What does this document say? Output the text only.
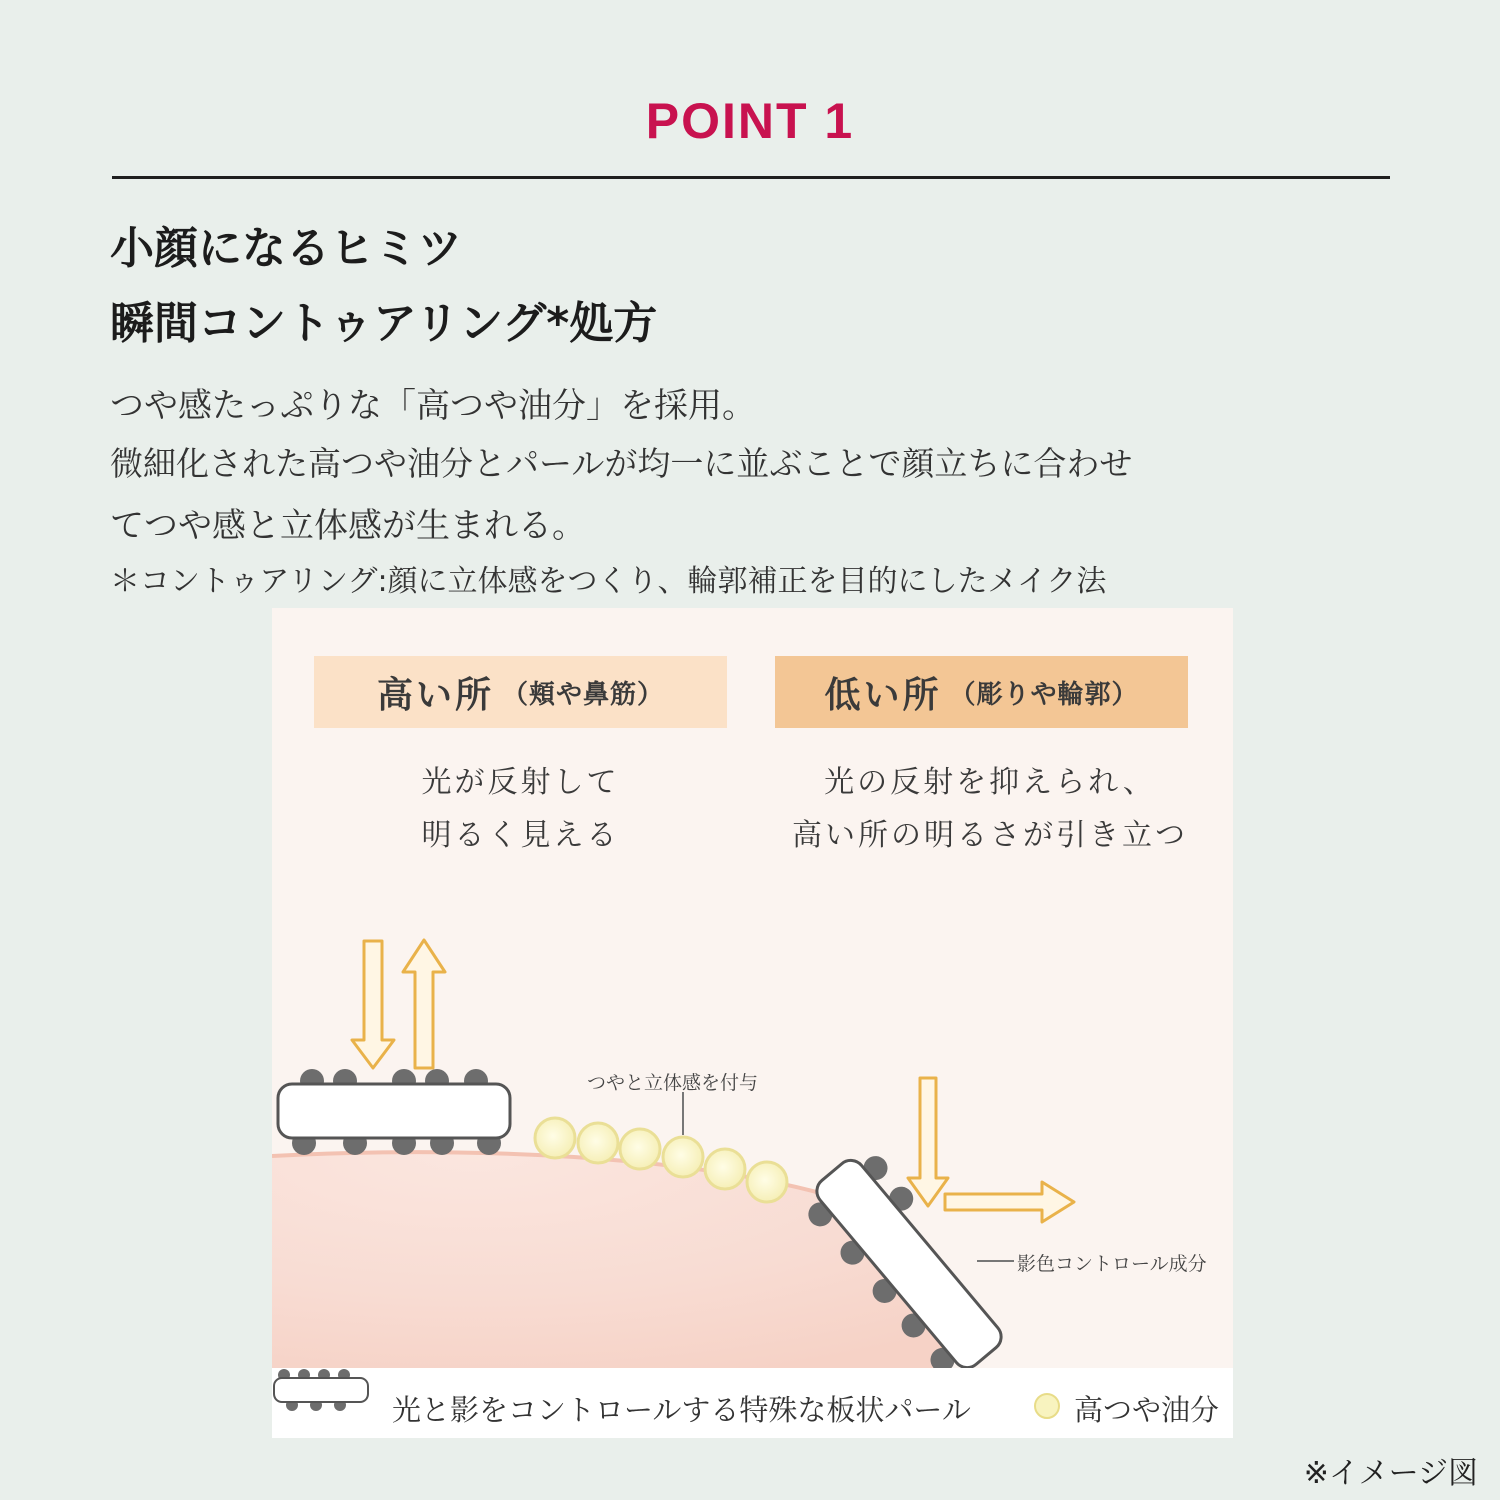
POINT 1
小顔になるヒミツ
瞬間コントゥアリング*処方
つや感たっぷりな「高つや油分」を採用。
微細化された高つや油分とパールが均一に並ぶことで顔立ちに合わせ
てつや感と立体感が生まれる。
＊コントゥアリング:顔に立体感をつくり、輪郭補正を目的にしたメイク法
高い所 （頬や鼻筋）	低い所 （彫りや輪郭）
光が反射して
明るく見える
光の反射を抑えられ、
高い所の明るさが引き立つ
つやと立体感を付与
影色コントロール成分
光と影をコントロールする特殊な板状パール	高つや油分
※イメージ図
